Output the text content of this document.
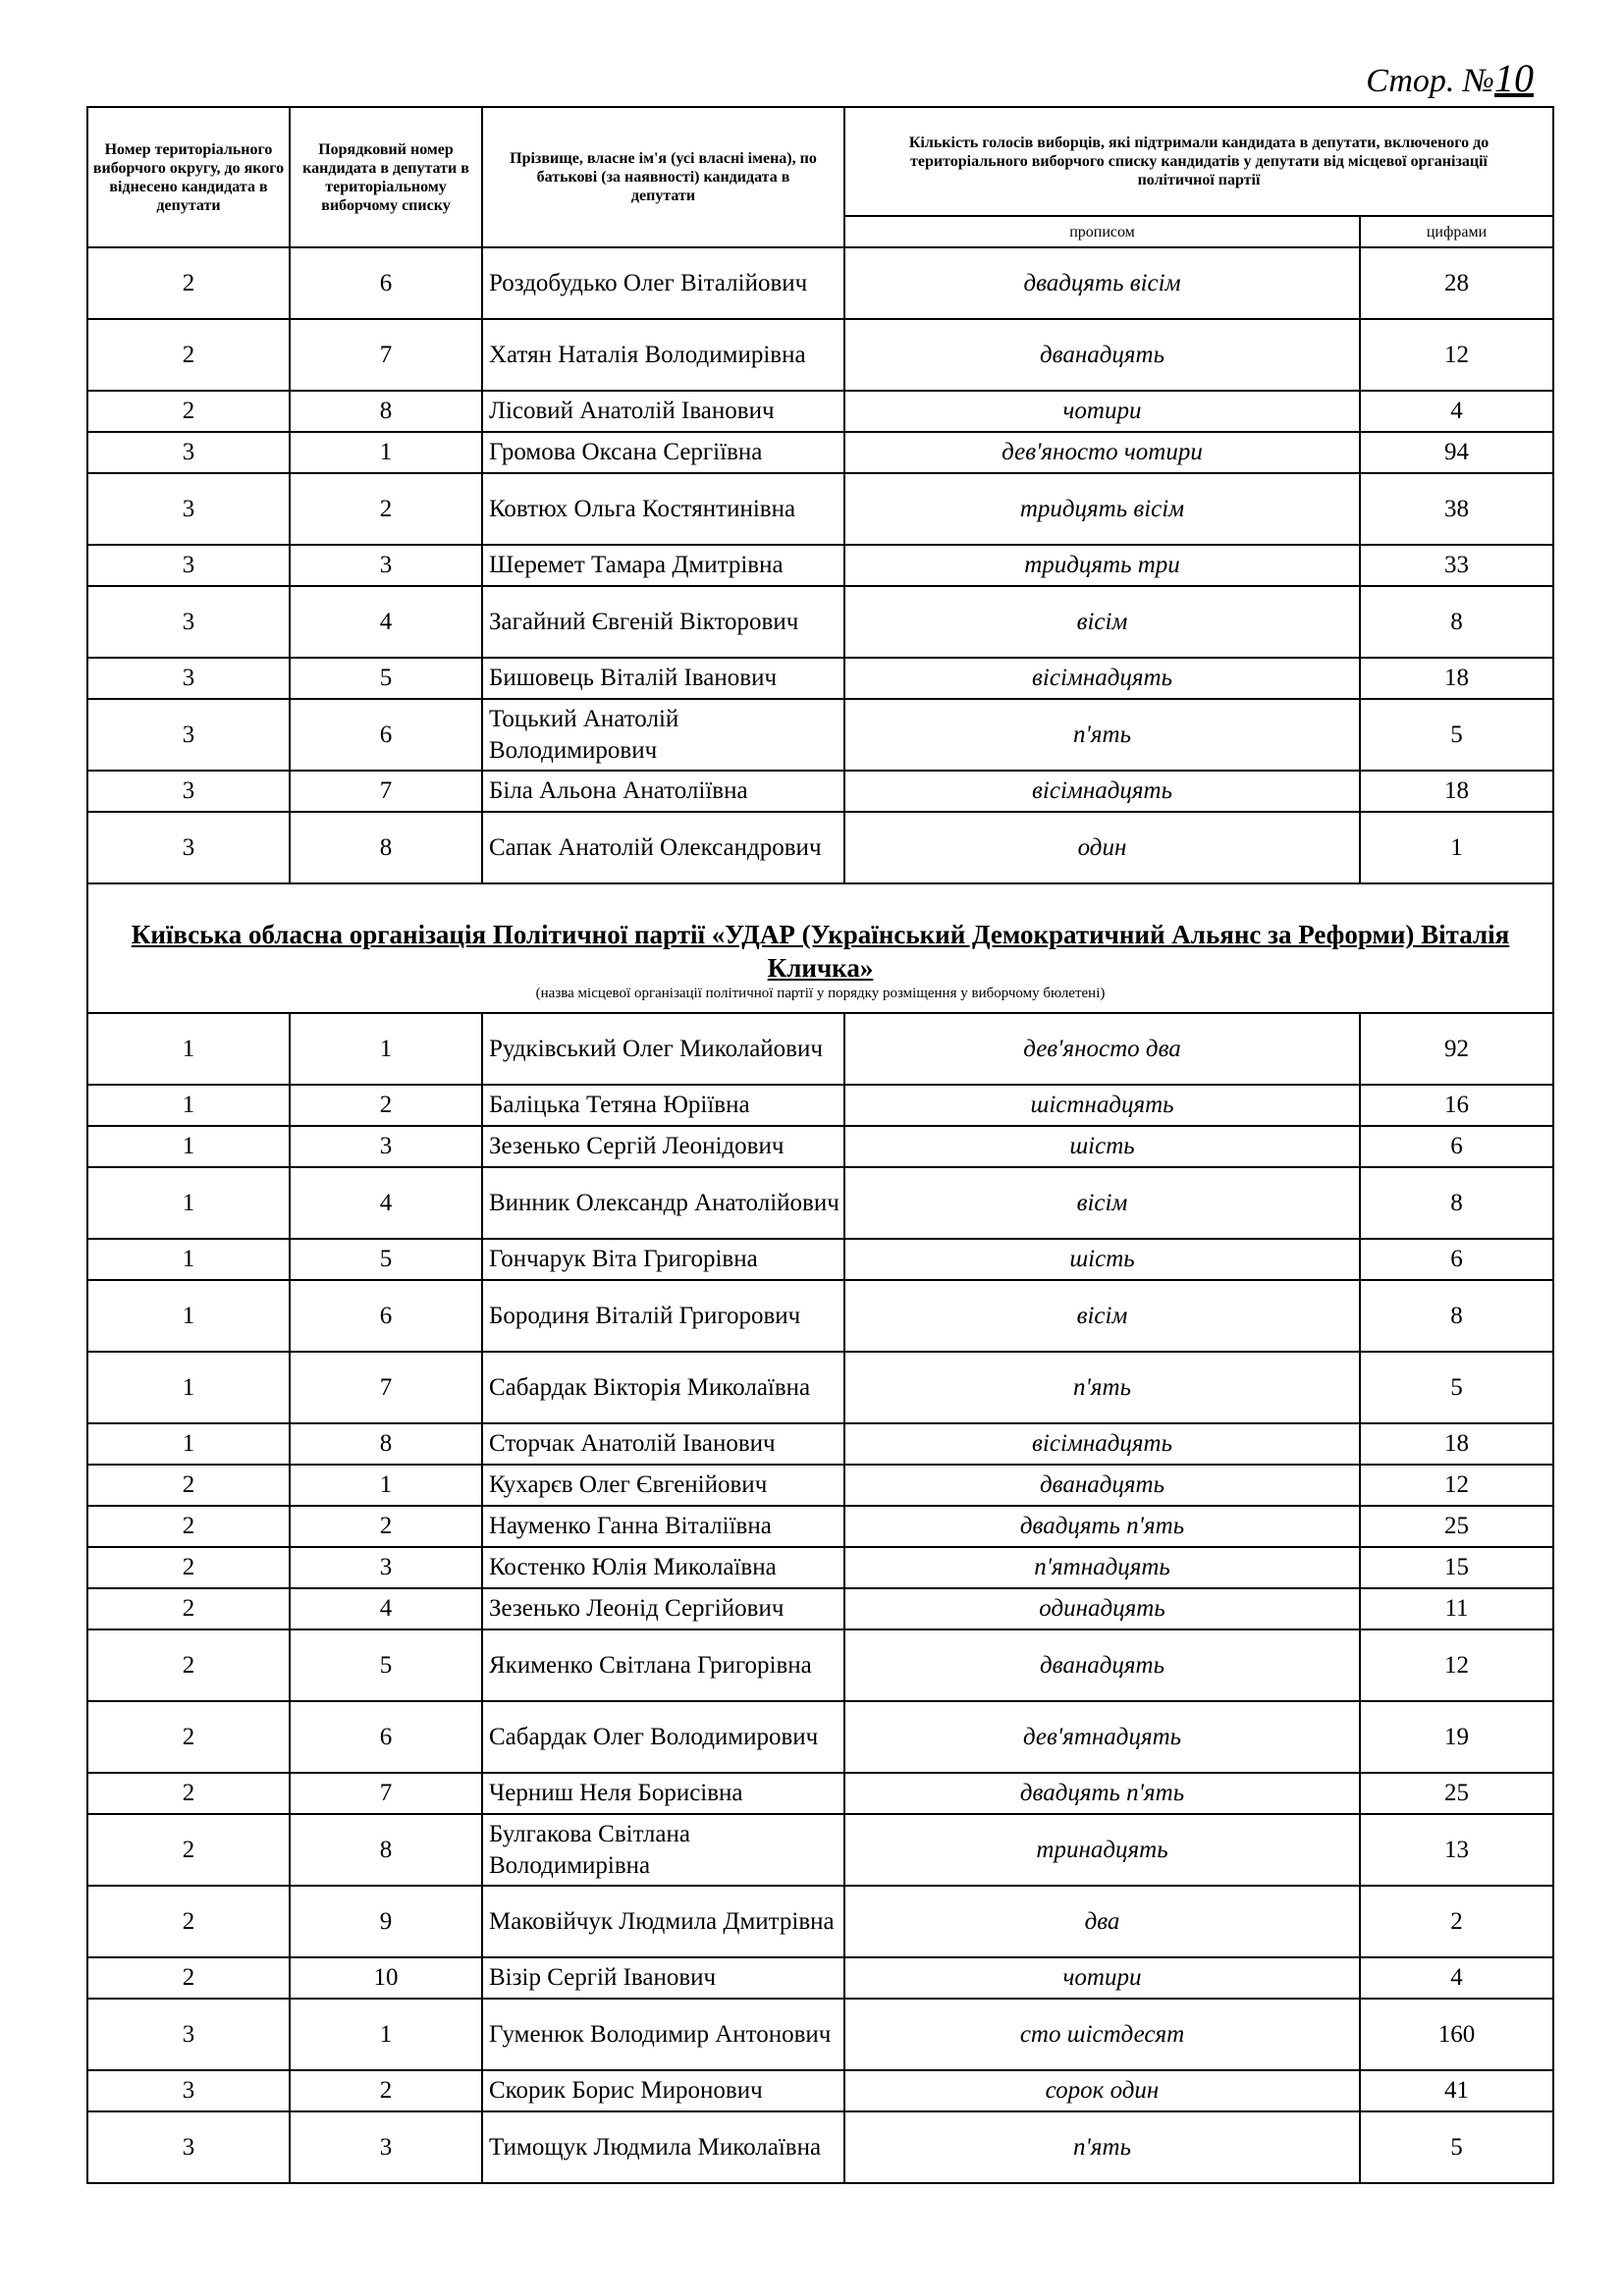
Стор. №10
Номер територіального виборчого округу, до якого віднесено кандидата в депутати	Порядковий номер кандидата в депутати в територіальному виборчому списку	Прізвище, власне ім'я (усі власні імена), по батькові (за наявності) кандидата в депутати	Кількість голосів виборців, які підтримали кандидата в депутати, включеного до територіального виборчого списку кандидатів у депутати від місцевої організації політичної партії	
			прописом	цифрами
2	6	Роздобудько Олег Віталійович	двадцять вісім	28
2	7	Хатян Наталія Володимирівна	дванадцять	12
2	8	Лісовий Анатолій Іванович	чотири	4
3	1	Громова Оксана Сергіївна	дев'яносто чотири	94
3	2	Ковтюх Ольга Костянтинівна	тридцять вісім	38
3	3	Шеремет Тамара Дмитрівна	тридцять три	33
3	4	Загайний Євгеній Вікторович	вісім	8
3	5	Бишовець Віталій Іванович	вісімнадцять	18
3	6	Тоцький Анатолій Володимирович	п'ять	5
3	7	Біла Альона Анатоліївна	вісімнадцять	18
3	8	Сапак Анатолій Олександрович	один	1

Київська обласна організація Політичної партії «УДАР (Український Демократичний Альянс за Реформи) Віталія Кличка»
(назва місцевої організації політичної партії у порядку розміщення у виборчому бюлетені)				

1	1	Рудківський Олег Миколайович	дев'яносто два	92
1	2	Баліцька Тетяна Юріївна	шістнадцять	16
1	3	Зезенько Сергій Леонідович	шість	6
1	4	Винник Олександр Анатолійович	вісім	8
1	5	Гончарук Віта Григорівна	шість	6
1	6	Бородиня Віталій Григорович	вісім	8
1	7	Сабардак Вікторія Миколаївна	п'ять	5
1	8	Сторчак Анатолій Іванович	вісімнадцять	18
2	1	Кухарєв Олег Євгенійович	дванадцять	12
2	2	Науменко Ганна Віталіївна	двадцять п'ять	25
2	3	Костенко Юлія Миколаївна	п'ятнадцять	15
2	4	Зезенько Леонід Сергійович	одинадцять	11
2	5	Якименко Світлана Григорівна	дванадцять	12
2	6	Сабардак Олег Володимирович	дев'ятнадцять	19
2	7	Черниш Неля Борисівна	двадцять п'ять	25
2	8	Булгакова Світлана Володимирівна	тринадцять	13
2	9	Маковійчук Людмила Дмитрівна	два	2
2	10	Візір Сергій Іванович	чотири	4
3	1	Гуменюк Володимир Антонович	сто шістдесят	160
3	2	Скорик Борис Миронович	сорок один	41
3	3	Тимощук Людмила Миколаївна	п'ять	5
